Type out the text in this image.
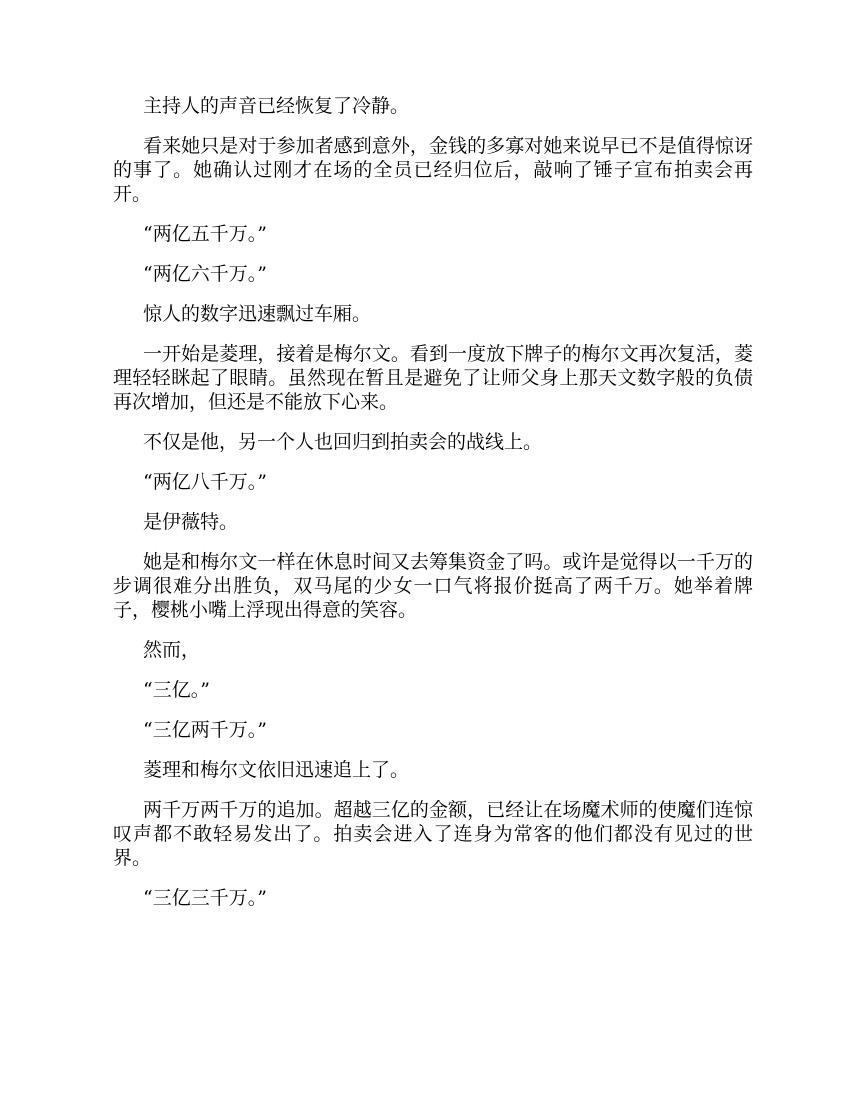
主持人的声音已经恢复了冷静。

看来她只是对于参加者感到意外，金钱的多寡对她来说早已不是值得惊讶的事了。她确认过刚才在场的全员已经归位后，敲响了锤子宣布拍卖会再开。

“两亿五千万。”

“两亿六千万。”

惊人的数字迅速飘过车厢。

一开始是菱理，接着是梅尔文。看到一度放下牌子的梅尔文再次复活，菱理轻轻眯起了眼睛。虽然现在暂且是避免了让师父身上那天文数字般的负债再次增加，但还是不能放下心来。

不仅是他，另一个人也回归到拍卖会的战线上。

“两亿八千万。”

是伊薇特。

她是和梅尔文一样在休息时间又去筹集资金了吗。或许是觉得以一千万的步调很难分出胜负，双马尾的少女一口气将报价挺高了两千万。她举着牌子，樱桃小嘴上浮现出得意的笑容。

然而，

“三亿。”

“三亿两千万。”

菱理和梅尔文依旧迅速追上了。

两千万两千万的追加。超越三亿的金额，已经让在场魔术师的使魔们连惊叹声都不敢轻易发出了。拍卖会进入了连身为常客的他们都没有见过的世界。

“三亿三千万。”
